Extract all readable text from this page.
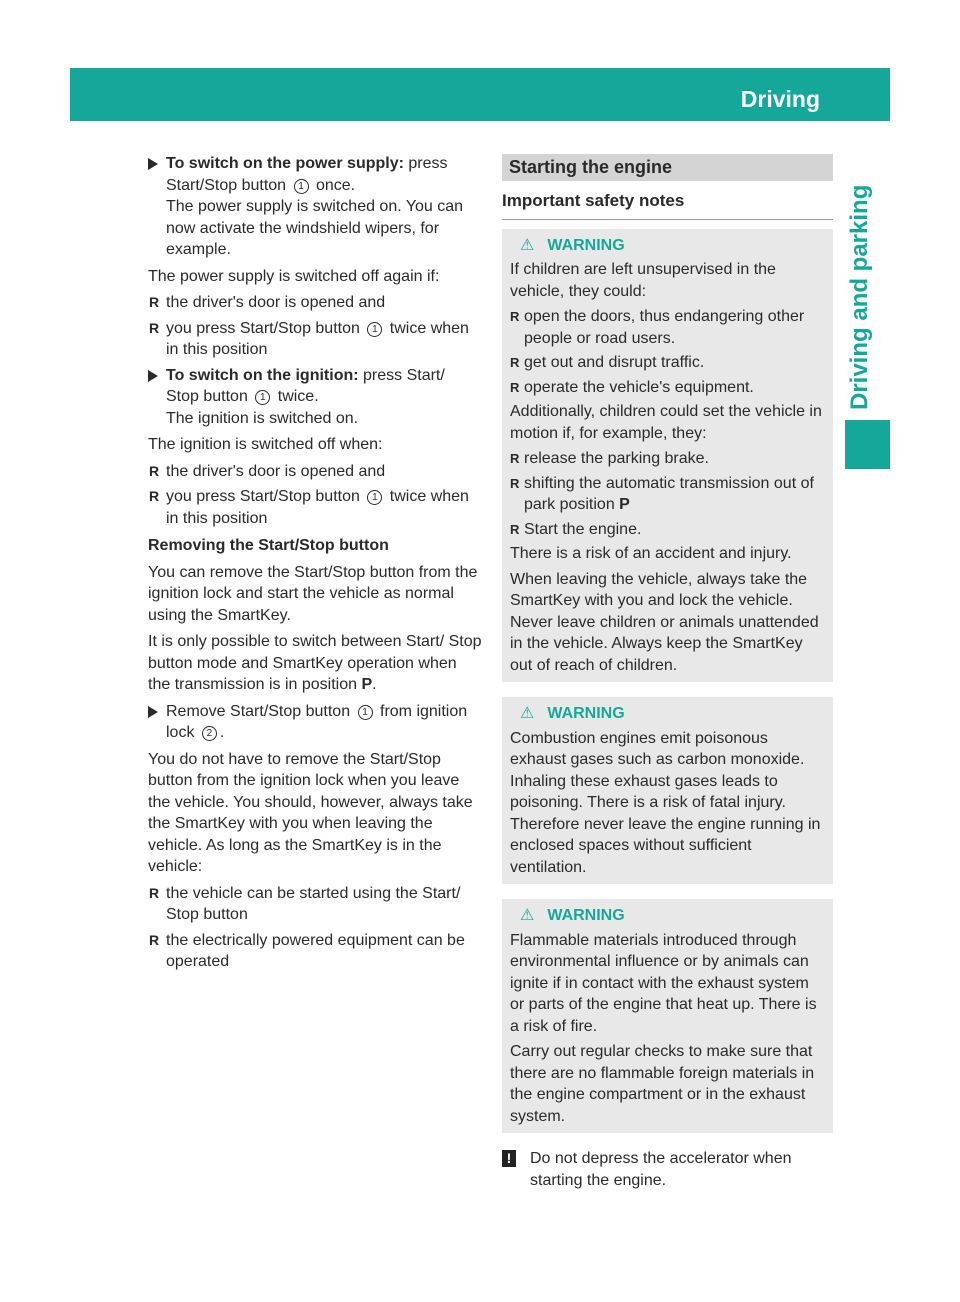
Driving	139
Driving and parking
To switch on the power supply: press Start/Stop button 1 once.
The power supply is switched on. You can now activate the windshield wipers, for example.

The power supply is switched off again if:

R the driver's door is opened and
R you press Start/Stop button 1 twice when in this position
To switch on the ignition: press Start/ Stop button 1 twice.
The ignition is switched on.

The ignition is switched off when:

R the driver's door is opened and
R you press Start/Stop button 1 twice when in this position
Removing the Start/Stop button

You can remove the Start/Stop button from the ignition lock and start the vehicle as normal using the SmartKey.

It is only possible to switch between Start/ Stop button mode and SmartKey operation when the transmission is in position P.

Remove Start/Stop button 1 from ignition lock 2 .

You do not have to remove the Start/Stop button from the ignition lock when you leave the vehicle. You should, however, always take the SmartKey with you when leaving the vehicle. As long as the SmartKey is in the vehicle:

R the vehicle can be started using the Start/ Stop button
R the electrically powered equipment can be operated
Starting the engine
Important safety notes
⚠ WARNING

If children are left unsupervised in the vehicle, they could:

R open the doors, thus endangering other people or road users.
R get out and disrupt traffic.
R operate the vehicle's equipment.

Additionally, children could set the vehicle in motion if, for example, they:

R release the parking brake.
R shifting the automatic transmission out of park position P
R Start the engine.

There is a risk of an accident and injury.

When leaving the vehicle, always take the SmartKey with you and lock the vehicle. Never leave children or animals unattended in the vehicle. Always keep the SmartKey out of reach of children.

⚠ WARNING

Combustion engines emit poisonous exhaust gases such as carbon monoxide. Inhaling these exhaust gases leads to poisoning. There is a risk of fatal injury. Therefore never leave the engine running in enclosed spaces without sufficient ventilation.

⚠ WARNING

Flammable materials introduced through environmental influence or by animals can ignite if in contact with the exhaust system or parts of the engine that heat up. There is a risk of fire.

Carry out regular checks to make sure that there are no flammable foreign materials in the engine compartment or in the exhaust system.

! Do not depress the accelerator when starting the engine.
